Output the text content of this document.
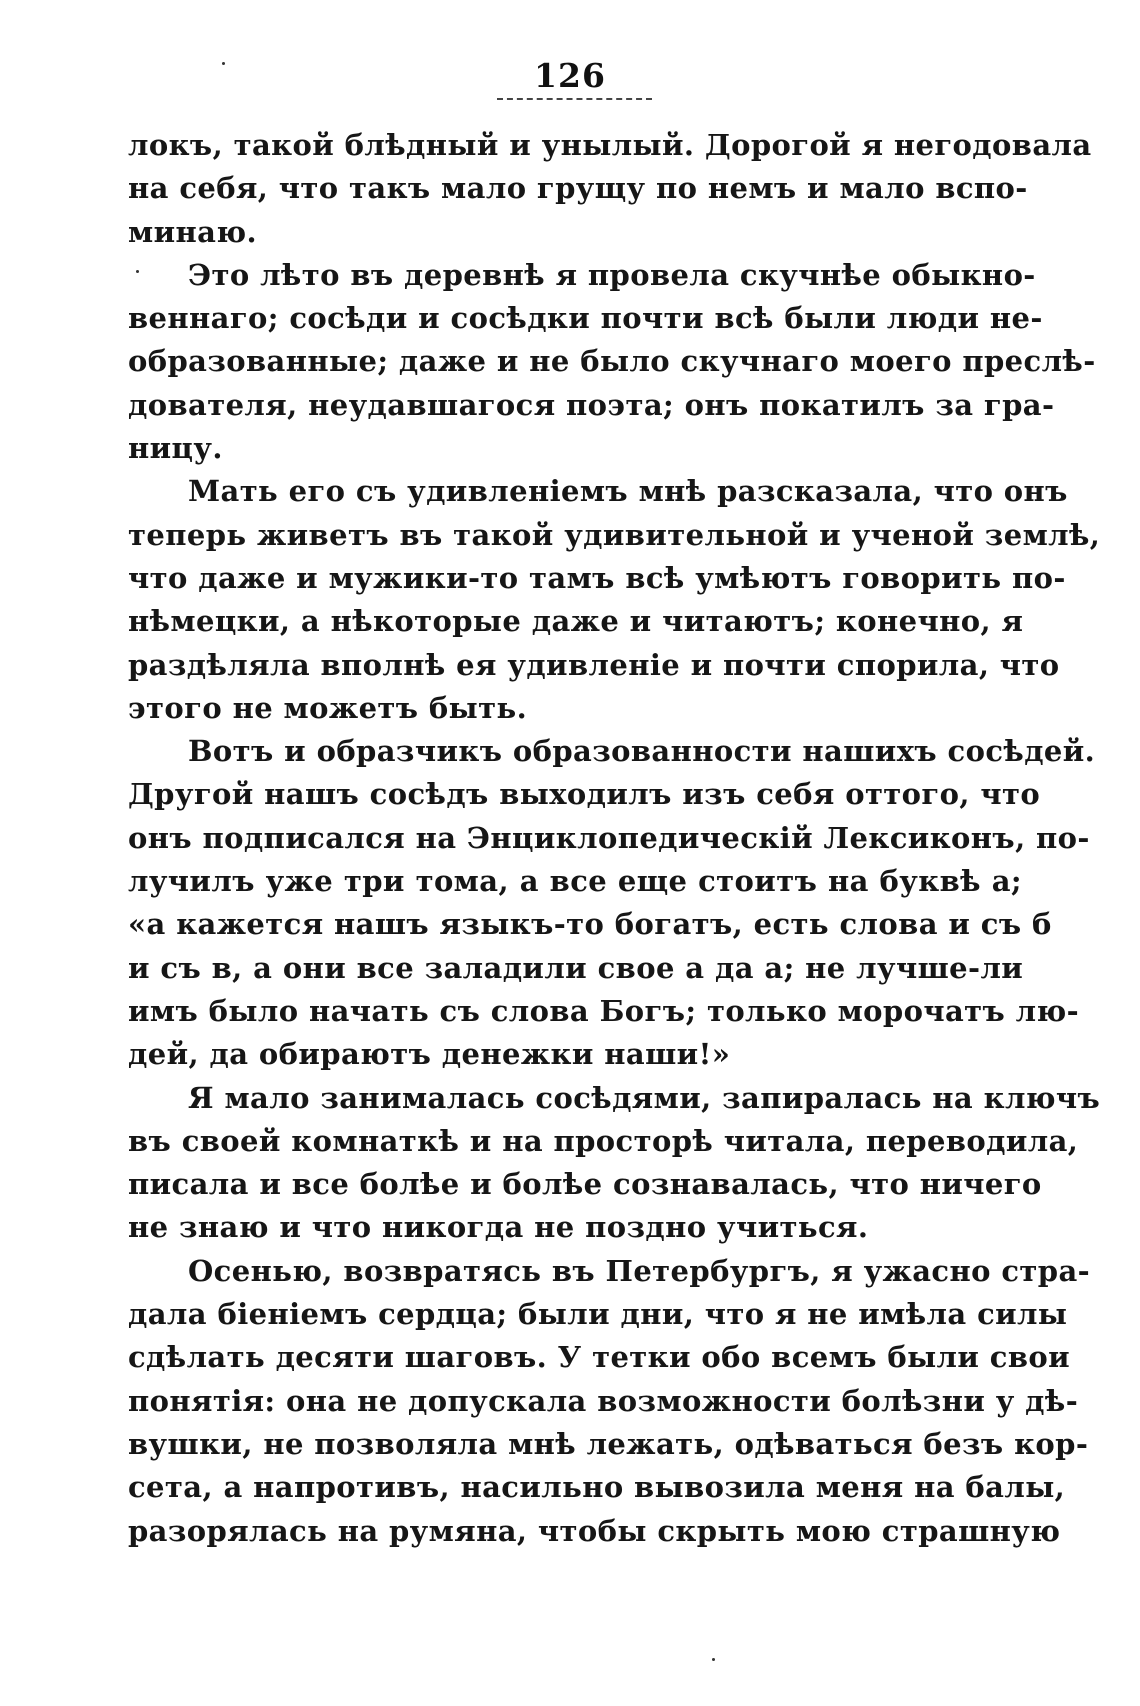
126
локъ, такой блѣдный и унылый. Дорогой я негодовала
на себя, что такъ мало грущу по немъ и мало вспо-
минаю.
Это лѣто въ деревнѣ я провела скучнѣе обыкно-
веннаго; сосѣди и сосѣдки почти всѣ были люди не-
образованные; даже и не было скучнаго моего преслѣ-
дователя, неудавшагося поэта; онъ покатилъ за гра-
ницу.
Мать его съ удивленіемъ мнѣ разсказала, что онъ
теперь живетъ въ такой удивительной и ученой землѣ,
что даже и мужики-то тамъ всѣ умѣютъ говорить по-
нѣмецки, а нѣкоторые даже и читаютъ; конечно, я
раздѣляла вполнѣ ея удивленіе и почти спорила, что
этого не можетъ быть.
Вотъ и образчикъ образованности нашихъ сосѣдей.
Другой нашъ сосѣдъ выходилъ изъ себя оттого, что
онъ подписался на Энциклопедическій Лексиконъ, по-
лучилъ уже три тома, а все еще стоитъ на буквѣ а;
«а кажется нашъ языкъ-то богатъ, есть слова и съ б
и съ в, а они все заладили свое а да а; не лучше-ли
имъ было начать съ слова Богъ; только морочатъ лю-
дей, да обираютъ денежки наши!»
Я мало занималась сосѣдями, запиралась на ключъ
въ своей комнаткѣ и на просторѣ читала, переводила,
писала и все болѣе и болѣе сознавалась, что ничего
не знаю и что никогда не поздно учиться.
Осенью, возвратясь въ Петербургъ, я ужасно стра-
дала біеніемъ сердца; были дни, что я не имѣла силы
сдѣлать десяти шаговъ. У тетки обо всемъ были свои
понятія: она не допускала возможности болѣзни у дѣ-
вушки, не позволяла мнѣ лежать, одѣваться безъ кор-
сета, а напротивъ, насильно вывозила меня на балы,
разорялась на румяна, чтобы скрыть мою страшную
